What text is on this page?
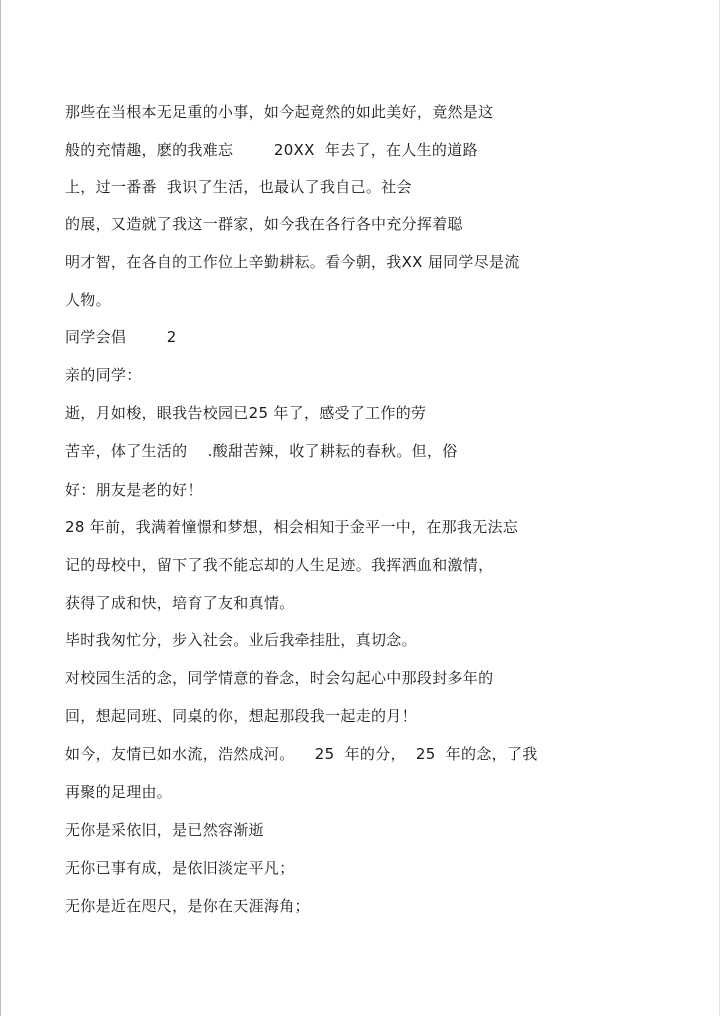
那些在当根本无足重的小事，如今起竟然的如此美好，竟然是这
般的充情趣，麽的我难忘        20XX  年去了，在人生的道路
上，过一番番  我识了生活，也最认了我自己。社会
的展，又造就了我这一群家，如今我在各行各中充分挥着聪
明才智，在各自的工作位上辛勤耕耘。看今朝，我XX 届同学尽是流
人物。
同学会倡        2
亲的同学：
逝，月如梭，眼我告校园已25 年了，感受了工作的劳
苦辛，体了生活的    .酸甜苦辣，收了耕耘的春秋。但，俗
好：朋友是老的好！
28 年前，我满着憧憬和梦想，相会相知于金平一中，在那我无法忘
记的母校中，留下了我不能忘却的人生足迹。我挥洒血和激情，
获得了成和快，培育了友和真情。
毕时我匆忙分，步入社会。业后我牵挂肚，真切念。
对校园生活的念，同学情意的眷念，时会勾起心中那段封多年的
回，想起同班、同桌的你，想起那段我一起走的月！
如今，友情已如水流，浩然成河。    25  年的分，  25  年的念，了我
再聚的足理由。
无你是采依旧，是已然容渐逝
无你已事有成，是依旧淡定平凡；
无你是近在咫尺，是你在天涯海角；
